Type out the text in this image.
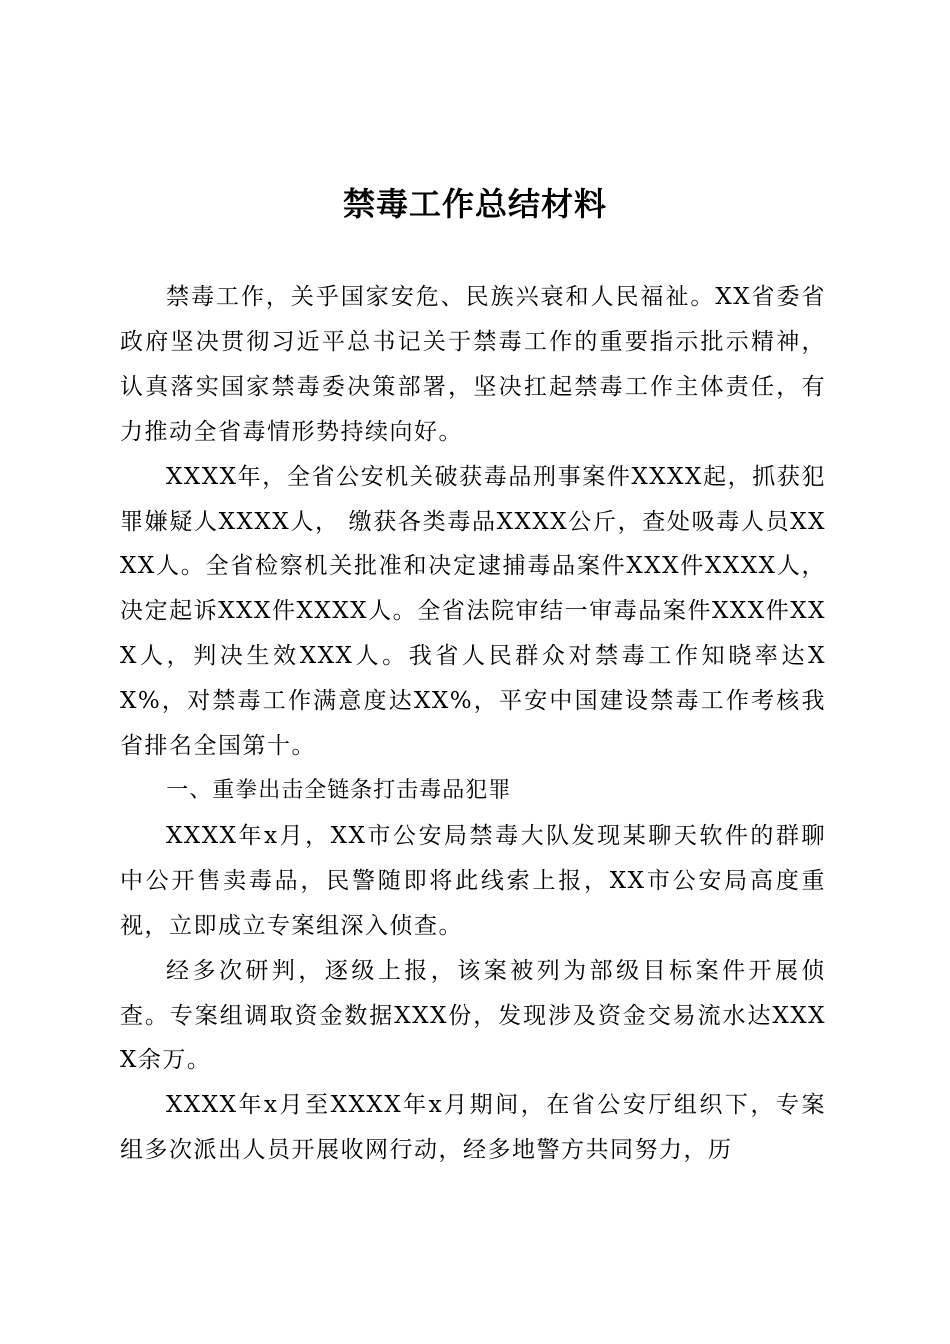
禁毒工作总结材料

禁毒工作，关乎国家安危、民族兴衰和人民福祉。XX省委省政府坚决贯彻习近平总书记关于禁毒工作的重要指示批示精神，认真落实国家禁毒委决策部署，坚决扛起禁毒工作主体责任，有力推动全省毒情形势持续向好。

XXXX年，全省公安机关破获毒品刑事案件XXXX起，抓获犯罪嫌疑人XXXX人， 缴获各类毒品XXXX公斤，查处吸毒人员XXXX人。全省检察机关批准和决定逮捕毒品案件XXX件XXXX人，决定起诉XXX件XXXX人。全省法院审结一审毒品案件XXX件XXX人，判决生效XXX人。我省人民群众对禁毒工作知晓率达XX%，对禁毒工作满意度达XX%，平安中国建设禁毒工作考核我省排名全国第十。

一、重拳出击全链条打击毒品犯罪

XXXX年x月，XX市公安局禁毒大队发现某聊天软件的群聊中公开售卖毒品，民警随即将此线索上报，XX市公安局高度重视，立即成立专案组深入侦查。

经多次研判，逐级上报，该案被列为部级目标案件开展侦查。专案组调取资金数据XXX份，发现涉及资金交易流水达XXXX余万。

XXXX年x月至XXXX年x月期间，在省公安厅组织下，专案组多次派出人员开展收网行动，经多地警方共同努力，历
